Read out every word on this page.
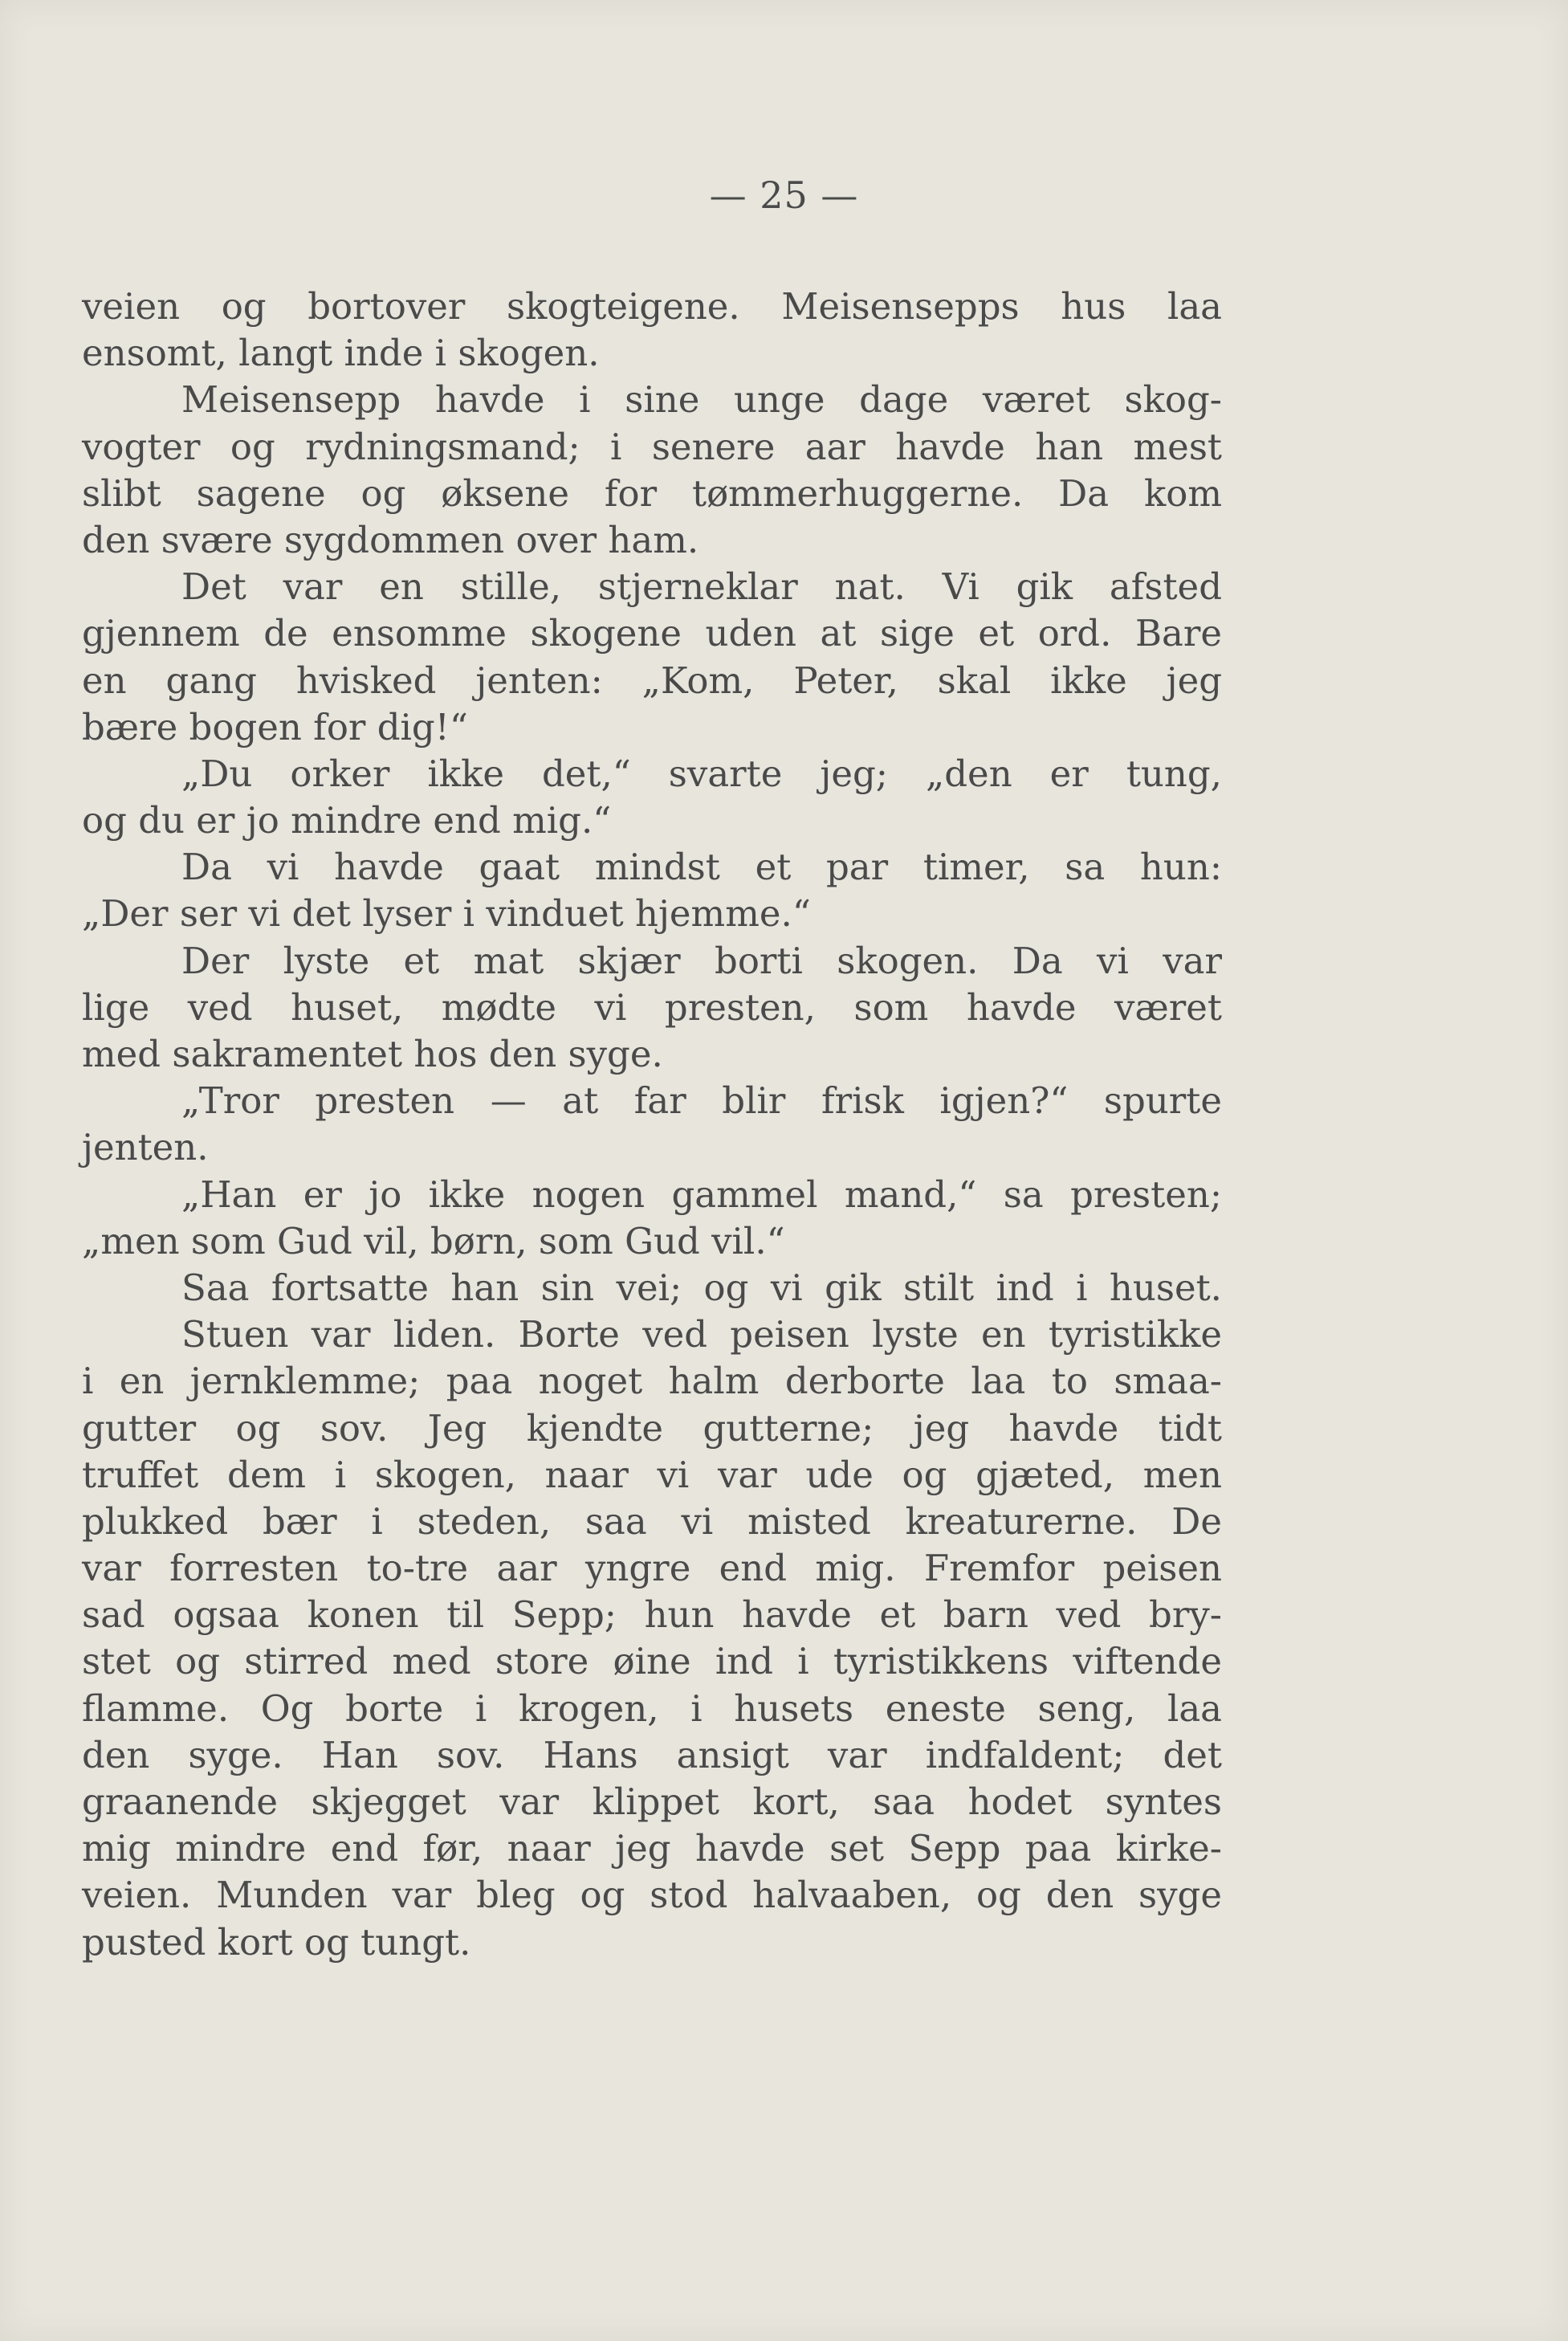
— 25 —
veien og bortover skogteigene. Meisensepps hus laa
ensomt, langt inde i skogen.
Meisensepp havde i sine unge dage været skog-
vogter og rydningsmand; i senere aar havde han mest
slibt sagene og øksene for tømmerhuggerne. Da kom
den svære sygdommen over ham.
Det var en stille, stjerneklar nat. Vi gik afsted
gjennem de ensomme skogene uden at sige et ord. Bare
en gang hvisked jenten: „Kom, Peter, skal ikke jeg
bære bogen for dig!“
„Du orker ikke det,“ svarte jeg; „den er tung,
og du er jo mindre end mig.“
Da vi havde gaat mindst et par timer, sa hun:
„Der ser vi det lyser i vinduet hjemme.“
Der lyste et mat skjær borti skogen. Da vi var
lige ved huset, mødte vi presten, som havde været
med sakramentet hos den syge.
„Tror presten — at far blir frisk igjen?“ spurte
jenten.
„Han er jo ikke nogen gammel mand,“ sa presten;
„men som Gud vil, børn, som Gud vil.“
Saa fortsatte han sin vei; og vi gik stilt ind i huset.
Stuen var liden. Borte ved peisen lyste en tyristikke
i en jernklemme; paa noget halm derborte laa to smaa-
gutter og sov. Jeg kjendte gutterne; jeg havde tidt
truffet dem i skogen, naar vi var ude og gjæted, men
plukked bær i steden, saa vi misted kreaturerne. De
var forresten to-tre aar yngre end mig. Fremfor peisen
sad ogsaa konen til Sepp; hun havde et barn ved bry-
stet og stirred med store øine ind i tyristikkens viftende
flamme. Og borte i krogen, i husets eneste seng, laa
den syge. Han sov. Hans ansigt var indfaldent; det
graanende skjegget var klippet kort, saa hodet syntes
mig mindre end før, naar jeg havde set Sepp paa kirke-
veien. Munden var bleg og stod halvaaben, og den syge
pusted kort og tungt.
